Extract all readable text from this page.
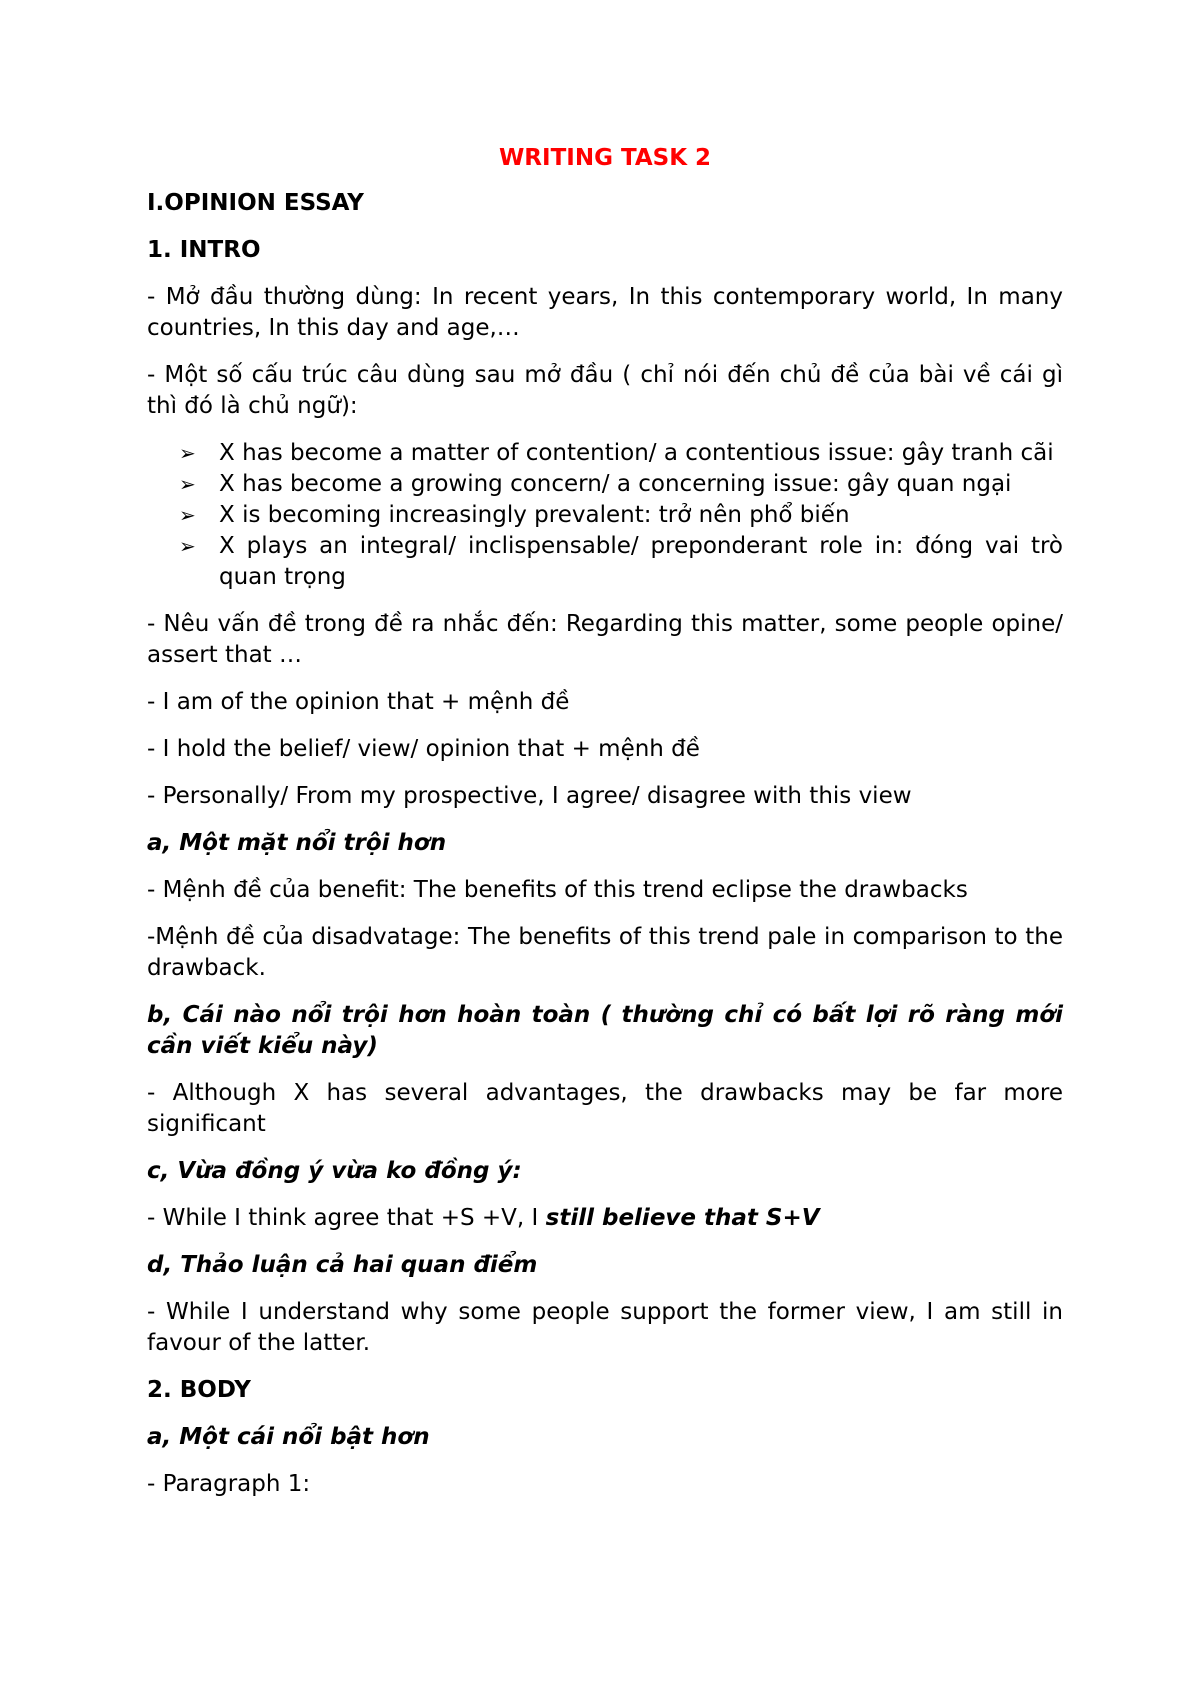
WRITING TASK 2
I.OPINION ESSAY
1. INTRO
- Mở đầu thường dùng: In recent years, In this contemporary world, In many countries, In this day and age,…
- Một số cấu trúc câu dùng sau mở đầu ( chỉ nói đến chủ đề của bài về cái gì thì đó là chủ ngữ):
➢ X has become a matter of contention/ a contentious issue: gây tranh cãi
➢ X has become a growing concern/ a concerning issue: gây quan ngại
➢ X is becoming increasingly prevalent: trở nên phổ biến
➢ X plays an integral/ inclispensable/ preponderant role in: đóng vai trò quan trọng
- Nêu vấn đề trong đề ra nhắc đến: Regarding this matter, some people opine/ assert that …
- I am of the opinion that + mệnh đề
- I hold the belief/ view/ opinion that + mệnh đề
- Personally/ From my prospective, I agree/ disagree with this view
a, Một mặt nổi trội hơn
- Mệnh đề của benefit: The benefits of this trend eclipse the drawbacks
-Mệnh đề của disadvatage: The benefits of this trend pale in comparison to the drawback.
b, Cái nào nổi trội hơn hoàn toàn ( thường chỉ có bất lợi rõ ràng mới cần viết kiểu này)
- Although X has several advantages, the drawbacks may be far more significant
c, Vừa đồng ý vừa ko đồng ý:
- While I think agree that +S +V, I still believe that S+V
d, Thảo luận cả hai quan điểm
- While I understand why some people support the former view, I am still in favour of the latter.
2. BODY
a, Một cái nổi bật hơn
- Paragraph 1:
